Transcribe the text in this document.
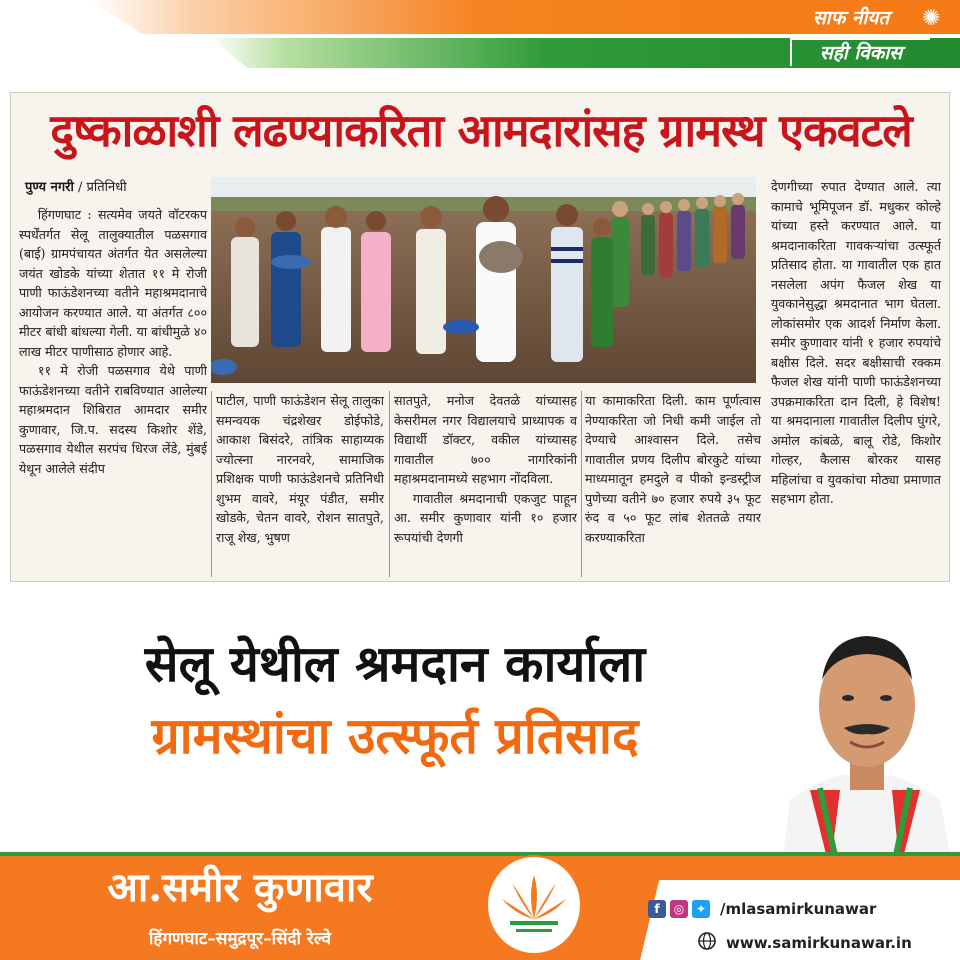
साफ नीयत
सही विकास
✺
दुष्काळाशी लढण्याकरिता आमदारांसह ग्रामस्थ एकवटले
पुण्य नगरी / प्रतिनिधी

हिंगणघाट : सत्यमेव जयते वॉटरकप स्पर्धेंतर्गत सेलू तालुक्यातील पळसगाव (बाई) ग्रामपंचायत अंतर्गत येत असलेल्या जयंत खोडके यांच्या शेतात ११ मे रोजी पाणी फाऊंडेशनच्या वतीने महाश्रमदानाचे आयोजन करण्यात आले. या अंतर्गत ८०० मीटर बांधी बांधल्या गेली. या बांधीमुळे ४० लाख मीटर पाणीसाठ होणार आहे.

११ मे रोजी पळसगाव येथे पाणी फाऊंडेशनच्या वतीने राबविण्यात आलेल्या महाश्रमदान शिबिरात आमदार समीर कुणावार, जि.प. सदस्य किशोर शेंडे, पळसगाव येथील सरपंच धिरज लेंडे, मुंबई येथून आलेले संदीप

पाटील, पाणी फाऊंडेशन सेलू तालुका समन्वयक चंद्रशेखर डोईफोडे, आकाश बिसंदरे, तांत्रिक साहाय्यक ज्योत्स्ना नारनवरे, सामाजिक प्रशिक्षक पाणी फाऊंडेशनचे प्रतिनिधी शुभम वावरे, मंयूर पंडीत, समीर खोडके, चेतन वावरे, रोशन सातपुते, राजू शेख, भुषण

सातपुते, मनोज देवतळे यांच्यासह केसरीमल नगर विद्यालयाचे प्राध्यापक व विद्यार्थी डॉक्टर, वकील यांच्यासह गावातील ७०० नागरिकांनी महाश्रमदानामध्ये सहभाग नोंदविला.

गावातील श्रमदानाची एकजुट पाहून आ. समीर कुणावार यांनी १० हजार रूपयांची देणगी

या कामाकरिता दिली. काम पूर्णत्वास नेण्याकरिता जो निधी कमी जाईल तो देण्याचे आश्वासन दिले. तसेच गावातील प्रणय दिलीप बोरकुटे यांच्या माध्यमातून हमदुले व पीको इन्डस्ट्रीज पुणेच्या वतीने ७० हजार रुपये ३५ फूट रुंद व ५० फूट लांब शेततळे तयार करण्याकरिता

देणगीच्या रुपात देण्यात आले. त्या कामाचे भूमिपूजन डॉ. मधुकर कोल्हे यांच्या हस्ते करण्यात आले. या श्रमदानाकरिता गावकऱ्यांचा उत्स्फूर्त प्रतिसाद होता. या गावातील एक हात नसलेला अपंग फैजल शेख या युवकानेसुद्धा श्रमदानात भाग घेतला. लोकांसमोर एक आदर्श निर्माण केला. समीर कुणावार यांनी १ हजार रुपयांचे बक्षीस दिले. सदर बक्षीसाची रक्कम फैजल शेख यांनी पाणी फाऊंडेशनच्या उपक्रमाकरिता दान दिली, हे विशेष! या श्रमदानाला गावातील दिलीप घुंगरे, अमोल कांबळे, बालू रोडे, किशोर गोल्हर, कैलास बोरकर यासह महिलांचा व युवकांचा मोठ्या प्रमाणात सहभाग होता.

सेलू येथील श्रमदान कार्याला
ग्रामस्थांचा उत्स्फूर्त प्रतिसाद
आ.समीर कुणावार
हिंगणघाट–समुद्रपूर–सिंदी रेल्वे
f	◎ ✦ /mlasamirkunawar
www.samirkunawar.in
